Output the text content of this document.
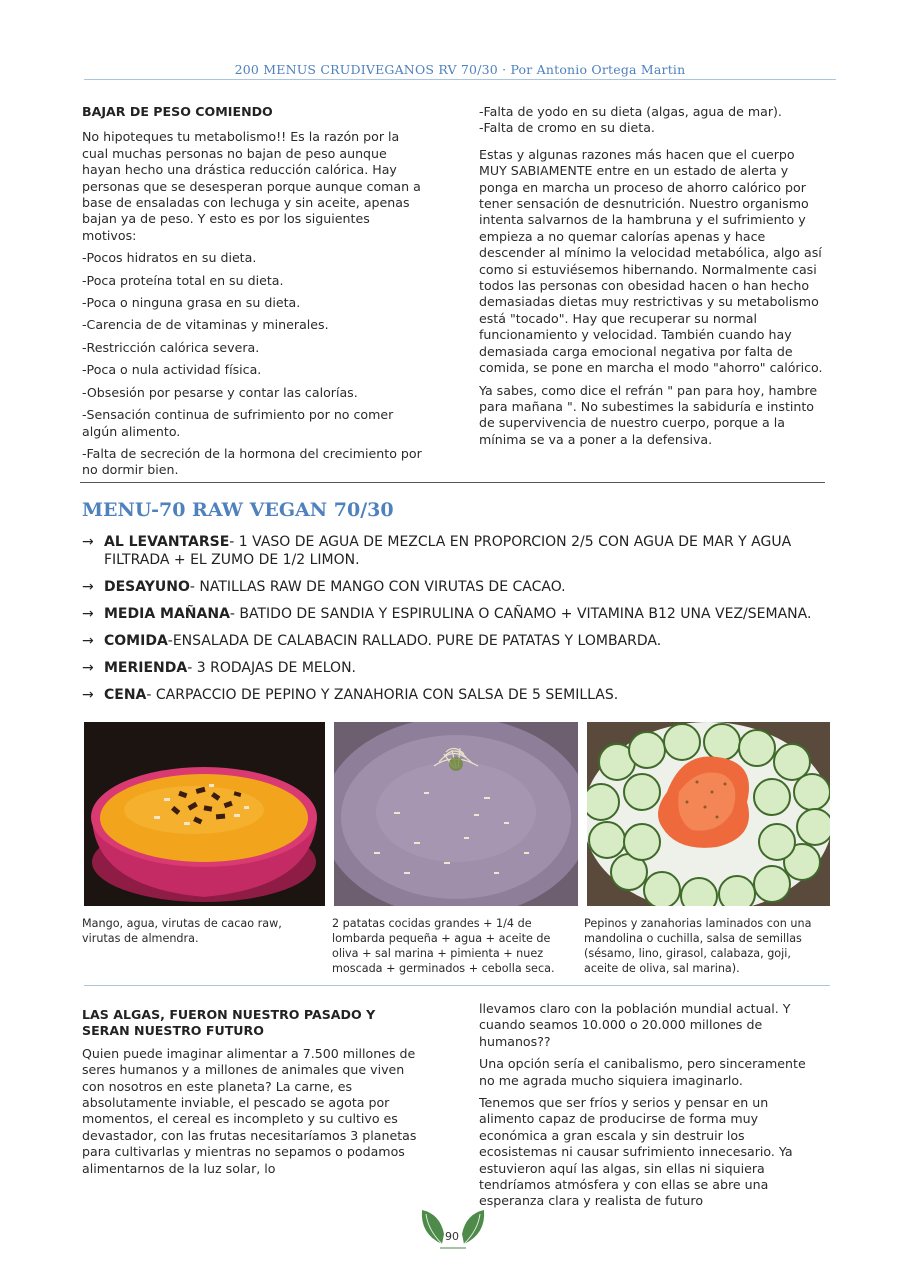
200 MENUS CRUDIVEGANOS RV 70/30 · Por Antonio Ortega Martin
BAJAR DE PESO COMIENDO

No hipoteques tu metabolismo!! Es la razón por la cual muchas personas no bajan de peso aunque hayan hecho una drástica reducción calórica. Hay personas que se desesperan porque aunque coman a base de ensaladas con lechuga y sin aceite, apenas bajan ya de peso. Y esto es por los siguientes motivos:

-Pocos hidratos en su dieta.

-Poca proteína total en su dieta.

-Poca o ninguna grasa en su dieta.

-Carencia de de vitaminas y minerales.

-Restricción calórica severa.

-Poca o nula actividad física.

-Obsesión por pesarse y contar las calorías.

-Sensación continua de sufrimiento por no comer algún alimento.

-Falta de secreción de la hormona del crecimiento por no dormir bien.

-Falta de yodo en su dieta (algas, agua de mar).

-Falta de cromo en su dieta.

Estas y algunas razones más hacen que el cuerpo MUY SABIAMENTE entre en un estado de alerta y ponga en marcha un proceso de ahorro calórico por tener sensación de desnutrición. Nuestro organismo intenta salvarnos de la hambruna y el sufrimiento y empieza a no quemar calorías apenas y hace descender al mínimo la velocidad metabólica, algo así como si estuviésemos hibernando. Normalmente casi todos las personas con obesidad hacen o han hecho demasiadas dietas muy restrictivas y su metabolismo está "tocado". Hay que recuperar su normal funcionamiento y velocidad. También cuando hay demasiada carga emocional negativa por falta de comida, se pone en marcha el modo "ahorro" calórico.

Ya sabes, como dice el refrán " pan para hoy, hambre para mañana ". No subestimes la sabiduría e instinto de supervivencia de nuestro cuerpo, porque a la mínima se va a poner a la defensiva.

MENU-70 RAW VEGAN 70/30
→ AL LEVANTARSE- 1 VASO DE AGUA DE MEZCLA EN PROPORCION 2/5 CON AGUA DE MAR Y AGUA FILTRADA + EL ZUMO DE 1/2 LIMON.
→ DESAYUNO- NATILLAS RAW DE MANGO CON VIRUTAS DE CACAO.
→ MEDIA MAÑANA- BATIDO DE SANDIA Y ESPIRULINA O CAÑAMO + VITAMINA B12 UNA VEZ/SEMANA.
→ COMIDA-ENSALADA DE CALABACIN RALLADO. PURE DE PATATAS Y LOMBARDA.
→ MERIENDA- 3 RODAJAS DE MELON.
→ CENA- CARPACCIO DE PEPINO Y ZANAHORIA CON SALSA DE 5 SEMILLAS.
Mango, agua, virutas de cacao raw, virutas de almendra.
2 patatas cocidas grandes + 1/4 de lombarda pequeña + agua + aceite de oliva + sal marina + pimienta + nuez moscada + germinados + cebolla seca.
Pepinos y zanahorias laminados con una mandolina o cuchilla, salsa de semillas (sésamo, lino, girasol, calabaza, goji, aceite de oliva, sal marina).
LAS ALGAS, FUERON NUESTRO PASADO Y SERAN NUESTRO FUTURO

Quien puede imaginar alimentar a 7.500 millones de seres humanos y a millones de animales que viven con nosotros en este planeta? La carne, es absolutamente inviable, el pescado se agota por momentos, el cereal es incompleto y su cultivo es devastador, con las frutas necesitaríamos 3 planetas para cultivarlas y mientras no sepamos o podamos alimentarnos de la luz solar, lo

llevamos claro con la población mundial actual. Y cuando seamos 10.000 o 20.000 millones de humanos??

Una opción sería el canibalismo, pero sinceramente no me agrada mucho siquiera imaginarlo.

Tenemos que ser fríos y serios y pensar en un alimento capaz de producirse de forma muy económica a gran escala y sin destruir los ecosistemas ni causar sufrimiento innecesario. Ya estuvieron aquí las algas, sin ellas ni siquiera tendríamos atmósfera y con ellas se abre una esperanza clara y realista de futuro

90
